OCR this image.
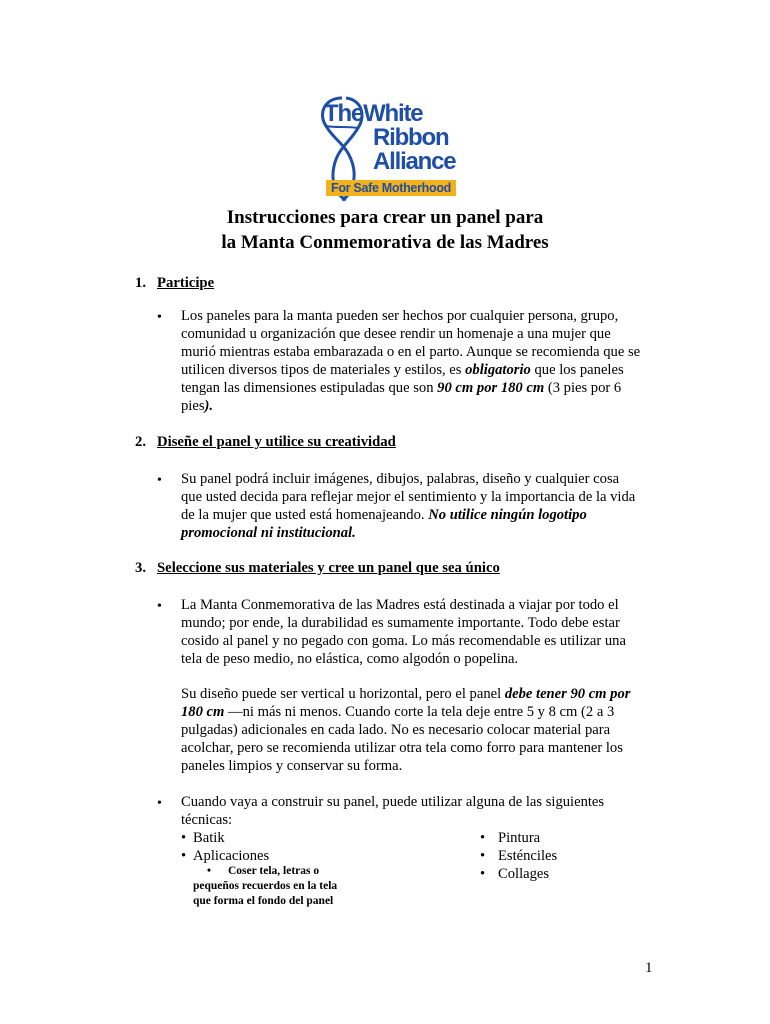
TheWhite
Ribbon
Alliance
For Safe Motherhood
Instrucciones para crear un panel para
la Manta Conmemorativa de las Madres
1. Participe
• Los paneles para la manta pueden ser hechos por cualquier persona, grupo,
comunidad u organización que desee rendir un homenaje a una mujer que
murió mientras estaba embarazada o en el parto. Aunque se recomienda que se
utilicen diversos tipos de materiales y estilos, es obligatorio que los paneles
tengan las dimensiones estipuladas que son 90 cm por 180 cm (3 pies por 6
pies).
2. Diseñe el panel y utilice su creatividad
• Su panel podrá incluir imágenes, dibujos, palabras, diseño y cualquier cosa
que usted decida para reflejar mejor el sentimiento y la importancia de la vida
de la mujer que usted está homenajeando. No utilice ningún logotipo
promocional ni institucional.
3. Seleccione sus materiales y cree un panel que sea único
• La Manta Conmemorativa de las Madres está destinada a viajar por todo el
mundo; por ende, la durabilidad es sumamente importante. Todo debe estar
cosido al panel y no pegado con goma. Lo más recomendable es utilizar una
tela de peso medio, no elástica, como algodón o popelina.
Su diseño puede ser vertical u horizontal, pero el panel debe tener 90 cm por
180 cm —ni más ni menos. Cuando corte la tela deje entre 5 y 8 cm (2 a 3
pulgadas) adicionales en cada lado. No es necesario colocar material para
acolchar, pero se recomienda utilizar otra tela como forro para mantener los
paneles limpios y conservar su forma.
• Cuando vaya a construir su panel, puede utilizar alguna de las siguientes
técnicas:
• Batik
• Aplicaciones
• Coser tela, letras o
pequeños recuerdos en la tela
que forma el fondo del panel
• Pintura
• Esténciles
• Collages
1
